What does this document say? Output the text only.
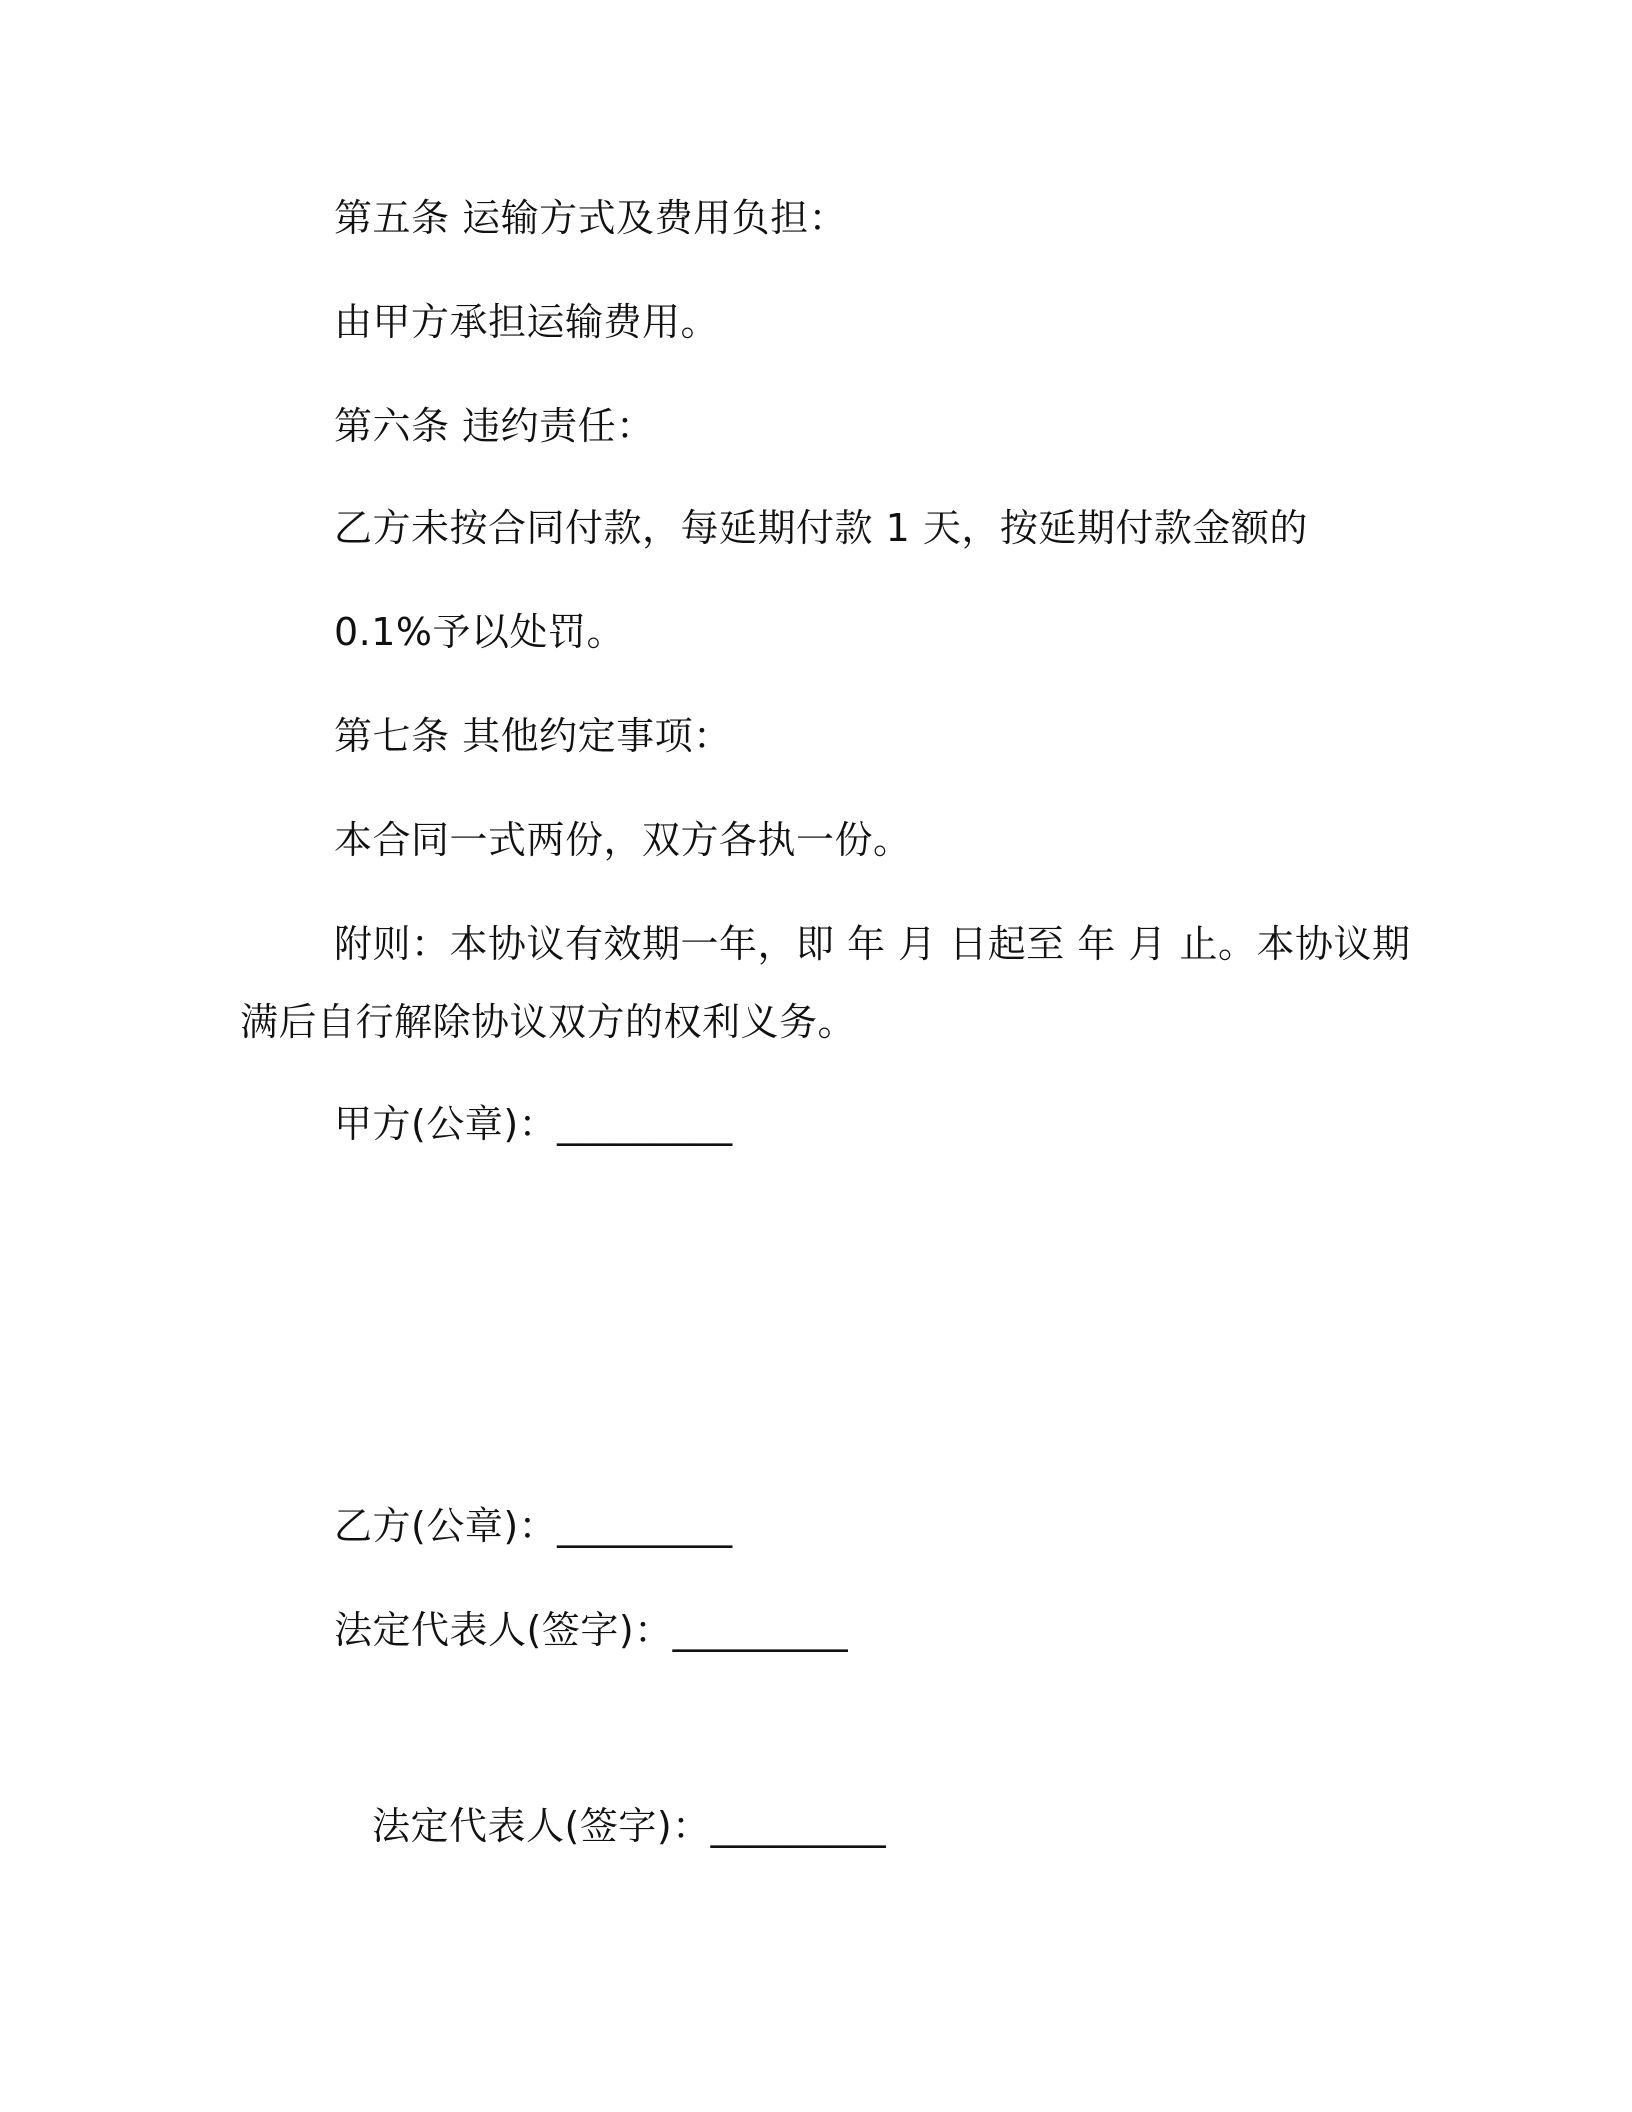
第五条 运输方式及费用负担：
由甲方承担运输费用。
第六条 违约责任：
乙方未按合同付款，每延期付款 1 天，按延期付款金额的
0.1%予以处罚。
第七条 其他约定事项：
本合同一式两份，双方各执一份。
附则：本协议有效期一年，即 年 月 日起至 年 月 止。本协议期
满后自行解除协议双方的权利义务。
甲方(公章)：_________
乙方(公章)：_________
法定代表人(签字)：_________
法定代表人(签字)：_________
